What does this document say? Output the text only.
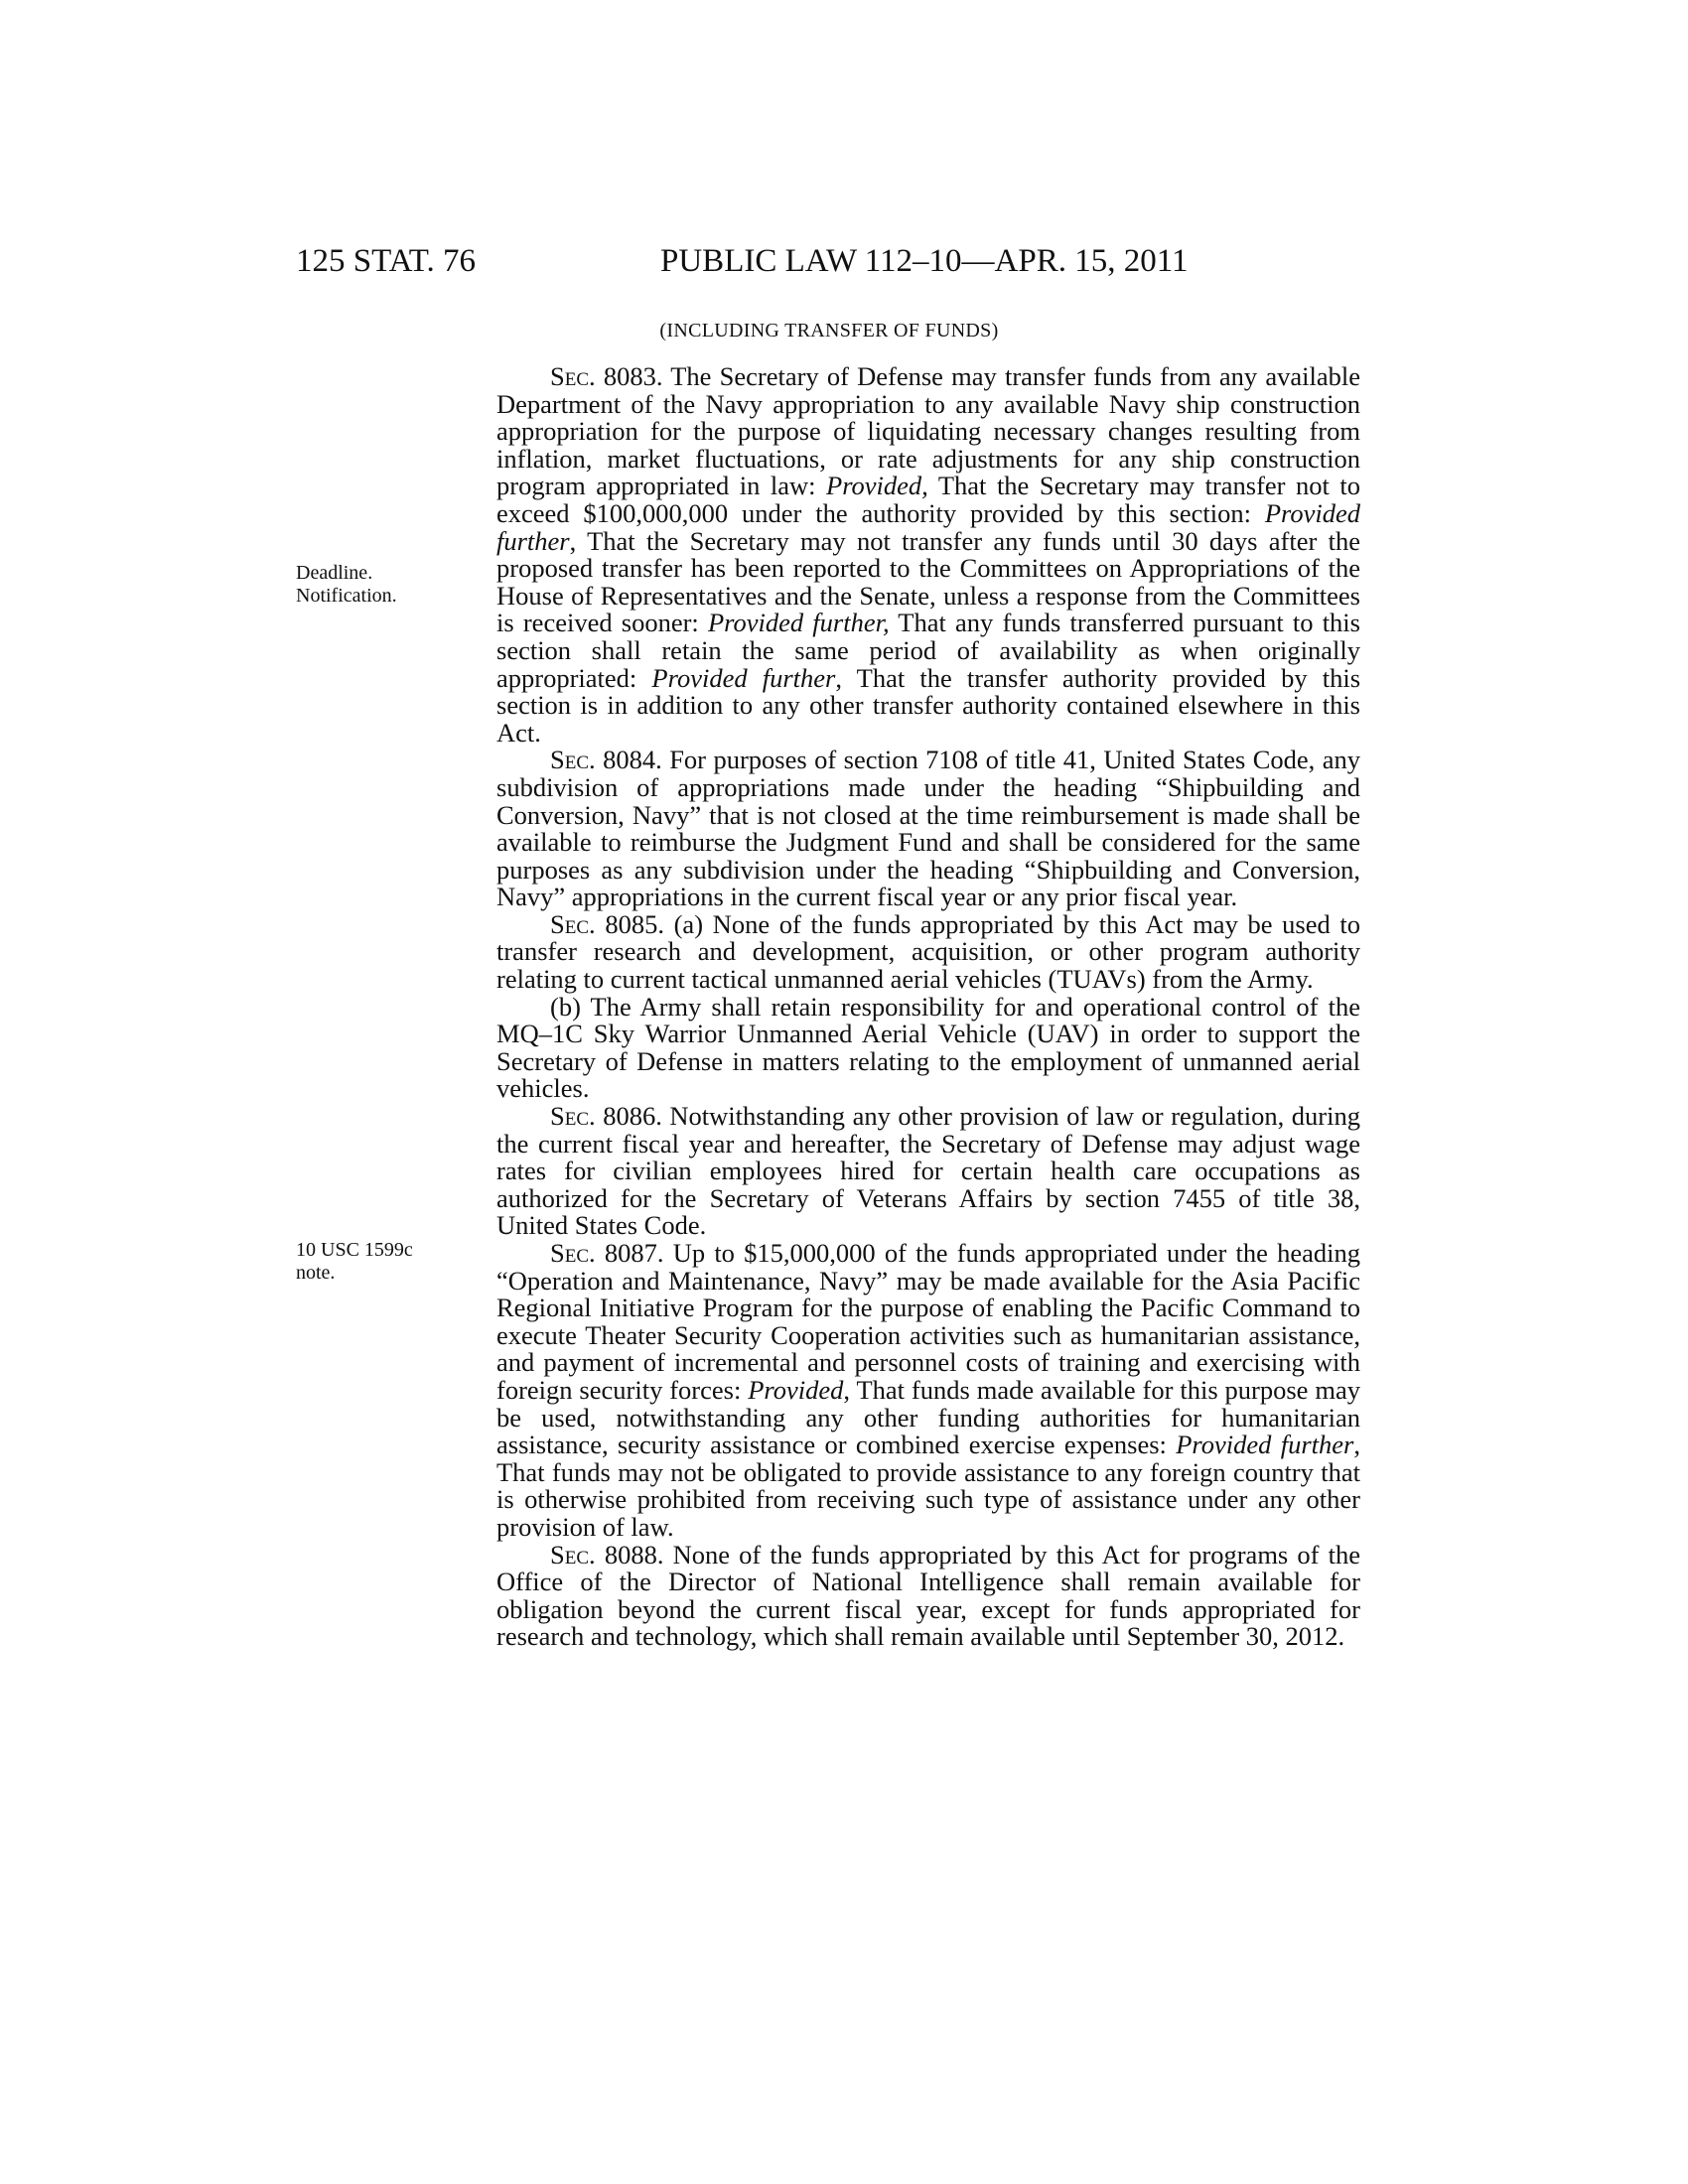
125 STAT. 76	PUBLIC LAW 112–10—APR. 15, 2011
(INCLUDING TRANSFER OF FUNDS)
Deadline.
Notification.
10 USC 1599c
note.

Sec. 8083. The Secretary of Defense may transfer funds from any available Department of the Navy appropriation to any available Navy ship construction appropriation for the purpose of liquidating necessary changes resulting from inflation, market fluctuations, or rate adjustments for any ship construction program appropriated in law: Provided, That the Secretary may transfer not to exceed $100,000,000 under the authority provided by this section: Provided further, That the Secretary may not transfer any funds until 30 days after the proposed transfer has been reported to the Committees on Appropriations of the House of Representatives and the Senate, unless a response from the Committees is received sooner: Provided further, That any funds transferred pursuant to this section shall retain the same period of availability as when originally appropriated: Provided further, That the transfer authority provided by this section is in addition to any other transfer authority contained elsewhere in this Act.

Sec. 8084. For purposes of section 7108 of title 41, United States Code, any subdivision of appropriations made under the heading “Shipbuilding and Conversion, Navy” that is not closed at the time reimbursement is made shall be available to reimburse the Judgment Fund and shall be considered for the same purposes as any subdivision under the heading “Shipbuilding and Conversion, Navy” appropriations in the current fiscal year or any prior fiscal year.

Sec. 8085. (a) None of the funds appropriated by this Act may be used to transfer research and development, acquisition, or other program authority relating to current tactical unmanned aerial vehicles (TUAVs) from the Army.

(b) The Army shall retain responsibility for and operational control of the MQ–1C Sky Warrior Unmanned Aerial Vehicle (UAV) in order to support the Secretary of Defense in matters relating to the employment of unmanned aerial vehicles.

Sec. 8086. Notwithstanding any other provision of law or regulation, during the current fiscal year and hereafter, the Secretary of Defense may adjust wage rates for civilian employees hired for certain health care occupations as authorized for the Secretary of Veterans Affairs by section 7455 of title 38, United States Code.

Sec. 8087. Up to $15,000,000 of the funds appropriated under the heading “Operation and Maintenance, Navy” may be made available for the Asia Pacific Regional Initiative Program for the purpose of enabling the Pacific Command to execute Theater Security Cooperation activities such as humanitarian assistance, and payment of incremental and personnel costs of training and exercising with foreign security forces: Provided, That funds made available for this purpose may be used, notwithstanding any other funding authorities for humanitarian assistance, security assistance or combined exercise expenses: Provided further, That funds may not be obligated to provide assistance to any foreign country that is otherwise prohibited from receiving such type of assistance under any other provision of law.

Sec. 8088. None of the funds appropriated by this Act for programs of the Office of the Director of National Intelligence shall remain available for obligation beyond the current fiscal year, except for funds appropriated for research and technology, which shall remain available until September 30, 2012.
